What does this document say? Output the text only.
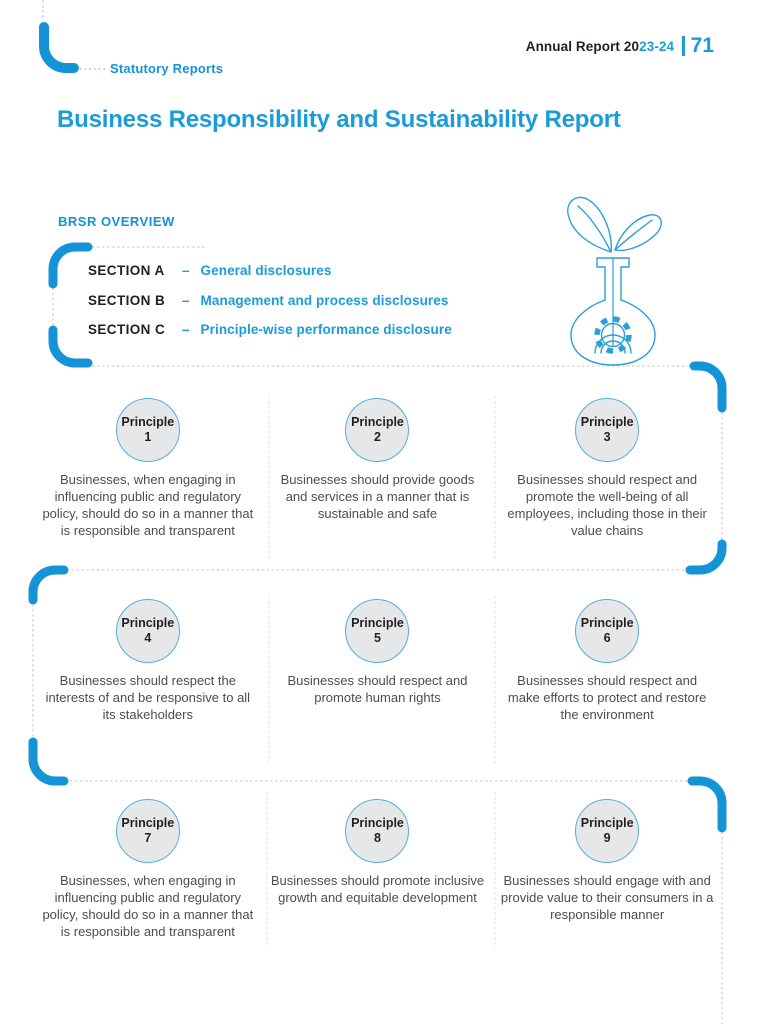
Statutory Reports
Annual Report 20 23-24 71
Business Responsibility and Sustainability Report
BRSR OVERVIEW
SECTION A	– General disclosures
SECTION B	– Management and process disclosures
SECTION C	– Principle-wise performance disclosure
Principle
1
Businesses, when engaging in influencing public and regulatory policy, should do so in a manner that is responsible and transparent
Principle
2
Businesses should provide goods and services in a manner that is sustainable and safe
Principle
3
Businesses should respect and promote the well-being of all employees, including those in their value chains
Principle
4
Businesses should respect the interests of and be responsive to all its stakeholders
Principle
5
Businesses should respect and promote human rights
Principle
6
Businesses should respect and make efforts to protect and restore the environment
Principle
7
Businesses, when engaging in influencing public and regulatory policy, should do so in a manner that is responsible and transparent
Principle
8
Businesses should promote inclusive growth and equitable development
Principle
9
Businesses should engage with and provide value to their consumers in a responsible manner
